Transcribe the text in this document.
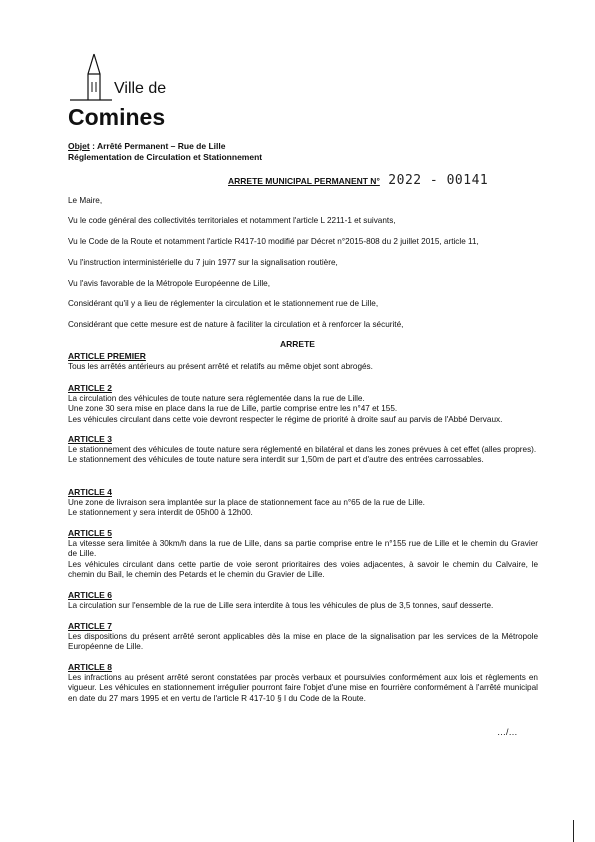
Ville de
Comines
Objet : Arrêté Permanent – Rue de Lille
Réglementation de Circulation et Stationnement
ARRETE MUNICIPAL PERMANENT N° 2022 - 00141
Le Maire,
Vu le code général des collectivités territoriales et notamment l'article L 2211-1 et suivants,
Vu le Code de la Route et notamment l'article R417-10 modifié par Décret n°2015-808 du 2 juillet 2015, article 11,
Vu l'instruction interministérielle du 7 juin 1977 sur la signalisation routière,
Vu l'avis favorable de la Métropole Européenne de Lille,
Considérant qu'il y a lieu de réglementer la circulation et le stationnement rue de Lille,
Considérant que cette mesure est de nature à faciliter la circulation et à renforcer la sécurité,
ARRETE
ARTICLE PREMIER

Tous les arrêtés antérieurs au présent arrêté et relatifs au même objet sont abrogés.

ARTICLE 2

La circulation des véhicules de toute nature sera réglementée dans la rue de Lille.

Une zone 30 sera mise en place dans la rue de Lille, partie comprise entre les n°47 et 155.

Les véhicules circulant dans cette voie devront respecter le régime de priorité à droite sauf au parvis de l'Abbé Dervaux.

ARTICLE 3

Le stationnement des véhicules de toute nature sera réglementé en bilatéral et dans les zones prévues à cet effet (alles propres).

Le stationnement des véhicules de toute nature sera interdit sur 1,50m de part et d'autre des entrées carrossables.

ARTICLE 4

Une zone de livraison sera implantée sur la place de stationnement face au n°65 de la rue de Lille.

Le stationnement y sera interdit de 05h00 à 12h00.

ARTICLE 5

La vitesse sera limitée à 30km/h dans la rue de Lille, dans sa partie comprise entre le n°155 rue de Lille et le chemin du Gravier de Lille.

Les véhicules circulant dans cette partie de voie seront prioritaires des voies adjacentes, à savoir le chemin du Calvaire, le chemin du Bail, le chemin des Petards et le chemin du Gravier de Lille.

ARTICLE 6

La circulation sur l'ensemble de la rue de Lille sera interdite à tous les véhicules de plus de 3,5 tonnes, sauf desserte.

ARTICLE 7

Les dispositions du présent arrêté seront applicables dès la mise en place de la signalisation par les services de la Métropole Européenne de Lille.

ARTICLE 8

Les infractions au présent arrêté seront constatées par procès verbaux et poursuivies conformément aux lois et règlements en vigueur. Les véhicules en stationnement irrégulier pourront faire l'objet d'une mise en fourrière conformément à l'arrêté municipal en date du 27 mars 1995 et en vertu de l'article R 417-10 § I du Code de la Route.

…/…
